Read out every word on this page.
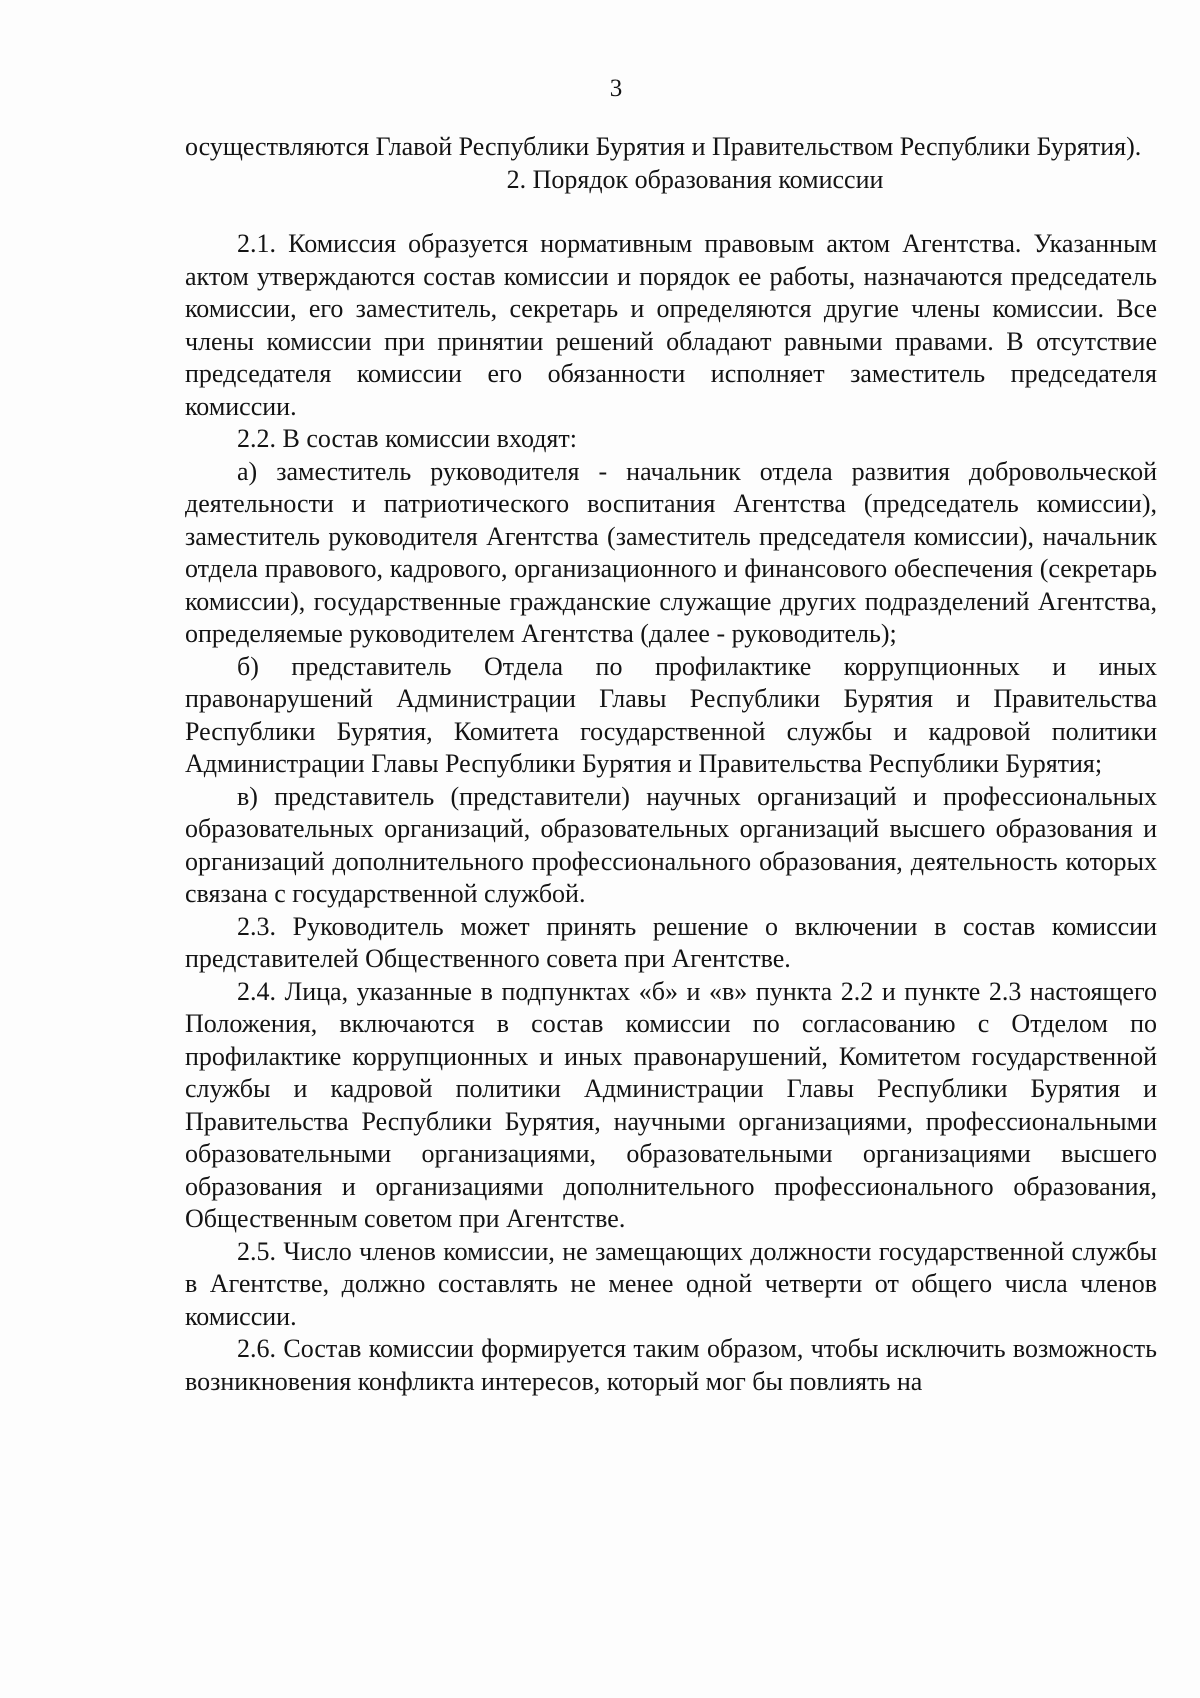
3

осуществляются Главой Республики Бурятия и Правительством Республики Бурятия).

2. Порядок образования комиссии

2.1. Комиссия образуется нормативным правовым актом Агентства. Указанным актом утверждаются состав комиссии и порядок ее работы, назначаются председатель комиссии, его заместитель, секретарь и определяются другие члены комиссии. Все члены комиссии при принятии решений обладают равными правами. В отсутствие председателя комиссии его обязанности исполняет заместитель председателя комиссии.

2.2. В состав комиссии входят:

а) заместитель руководителя - начальник отдела развития добровольческой деятельности и патриотического воспитания Агентства (председатель комиссии), заместитель руководителя Агентства (заместитель председателя комиссии), начальник отдела правового, кадрового, организационного и финансового обеспечения (секретарь комиссии), государственные гражданские служащие других подразделений Агентства, определяемые руководителем Агентства (далее - руководитель);

б) представитель Отдела по профилактике коррупционных и иных правонарушений Администрации Главы Республики Бурятия и Правительства Республики Бурятия, Комитета государственной службы и кадровой политики Администрации Главы Республики Бурятия и Правительства Республики Бурятия;

в) представитель (представители) научных организаций и профессиональных образовательных организаций, образовательных организаций высшего образования и организаций дополнительного профессионального образования, деятельность которых связана с государственной службой.

2.3. Руководитель может принять решение о включении в состав комиссии представителей Общественного совета при Агентстве.

2.4. Лица, указанные в подпунктах «б» и «в» пункта 2.2 и пункте 2.3 настоящего Положения, включаются в состав комиссии по согласованию с Отделом по профилактике коррупционных и иных правонарушений, Комитетом государственной службы и кадровой политики Администрации Главы Республики Бурятия и Правительства Республики Бурятия, научными организациями, профессиональными образовательными организациями, образовательными организациями высшего образования и организациями дополнительного профессионального образования, Общественным советом при Агентстве.

2.5. Число членов комиссии, не замещающих должности государственной службы в Агентстве, должно составлять не менее одной четверти от общего числа членов комиссии.

2.6. Состав комиссии формируется таким образом, чтобы исключить возможность возникновения конфликта интересов, который мог бы повлиять на
